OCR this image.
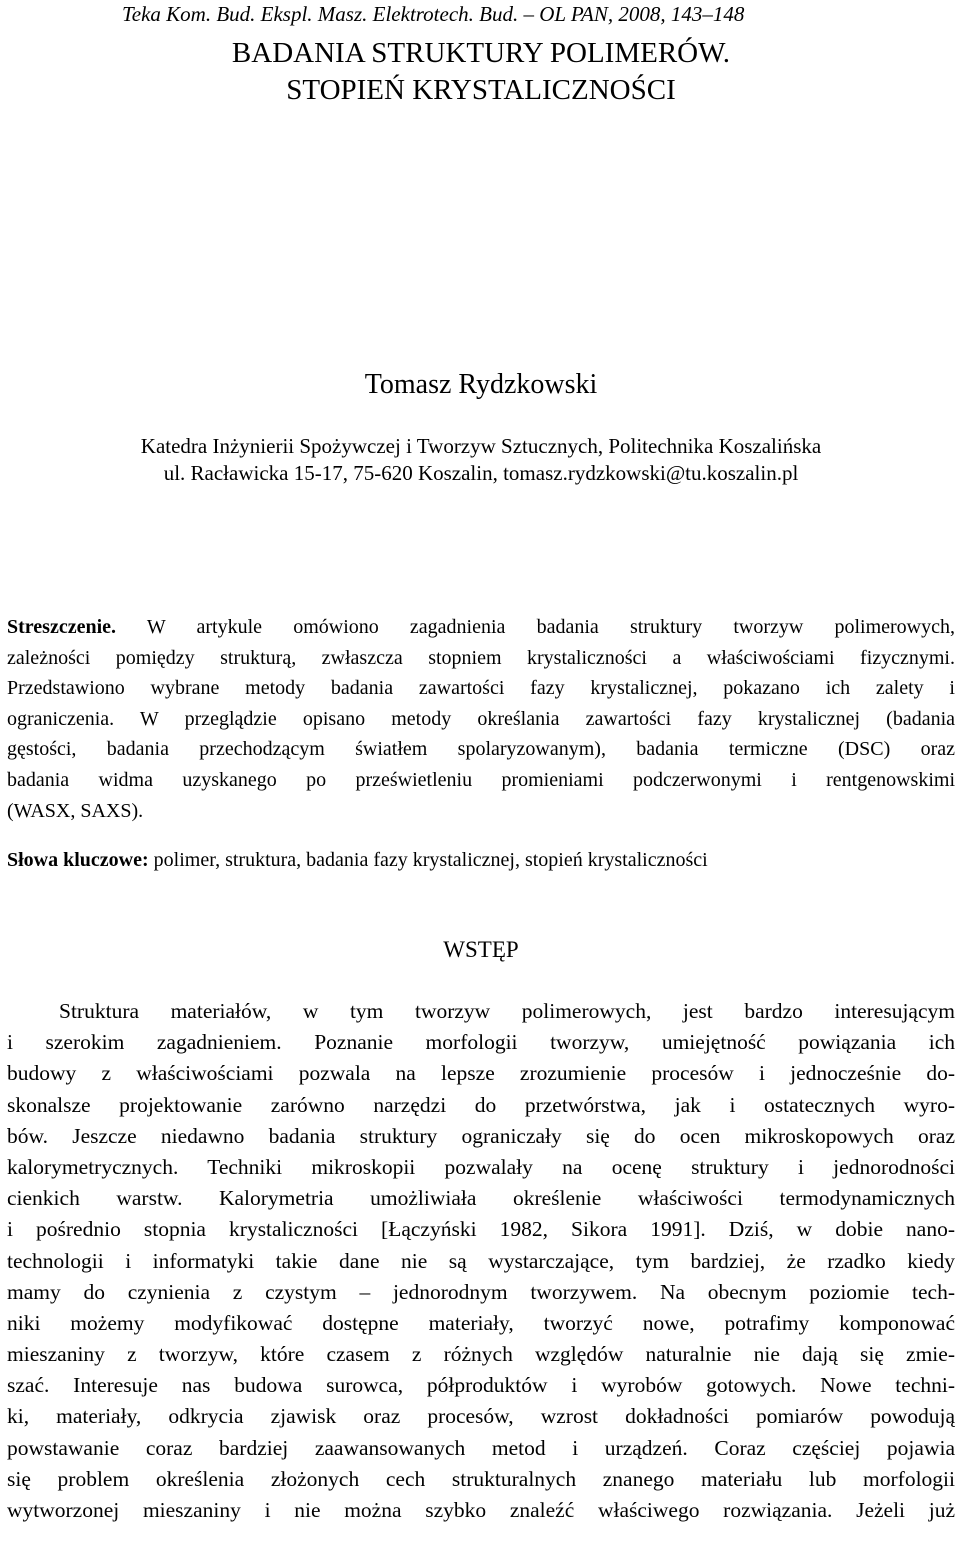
Teka Kom. Bud. Ekspl. Masz. Elektrotech. Bud. – OL PAN, 2008, 143–148
BADANIA STRUKTURY POLIMERÓW.
STOPIEŃ KRYSTALICZNOŚCI
Tomasz Rydzkowski
Katedra Inżynierii Spożywczej i Tworzyw Sztucznych, Politechnika Koszalińska
ul. Racławicka 15-17, 75-620 Koszalin, tomasz.rydzkowski@tu.koszalin.pl
Streszczenie. W artykule omówiono zagadnienia badania struktury tworzyw polimerowych,
zależności pomiędzy strukturą, zwłaszcza stopniem krystaliczności a właściwościami fizycznymi.
Przedstawiono wybrane metody badania zawartości fazy krystalicznej, pokazano ich zalety i
ograniczenia. W przeglądzie opisano metody określania zawartości fazy krystalicznej (badania
gęstości, badania przechodzącym światłem spolaryzowanym), badania termiczne (DSC) oraz
badania widma uzyskanego po prześwietleniu promieniami podczerwonymi i rentgenowskimi
(WASX, SAXS).
Słowa kluczowe: polimer, struktura, badania fazy krystalicznej, stopień krystaliczności
WSTĘP
Struktura materiałów, w tym tworzyw polimerowych, jest bardzo interesującym
i szerokim zagadnieniem. Poznanie morfologii tworzyw, umiejętność powiązania ich
budowy z właściwościami pozwala na lepsze zrozumienie procesów i jednocześnie do-
skonalsze projektowanie zarówno narzędzi do przetwórstwa, jak i ostatecznych wyro-
bów. Jeszcze niedawno badania struktury ograniczały się do ocen mikroskopowych oraz
kalorymetrycznych. Techniki mikroskopii pozwalały na ocenę struktury i jednorodności
cienkich warstw. Kalorymetria umożliwiała określenie właściwości termodynamicznych
i pośrednio stopnia krystaliczności [Łączyński 1982, Sikora 1991]. Dziś, w dobie nano-
technologii i informatyki takie dane nie są wystarczające, tym bardziej, że rzadko kiedy
mamy do czynienia z czystym – jednorodnym tworzywem. Na obecnym poziomie tech-
niki możemy modyfikować dostępne materiały, tworzyć nowe, potrafimy komponować
mieszaniny z tworzyw, które czasem z różnych względów naturalnie nie dają się zmie-
szać. Interesuje nas budowa surowca, półproduktów i wyrobów gotowych. Nowe techni-
ki, materiały, odkrycia zjawisk oraz procesów, wzrost dokładności pomiarów powodują
powstawanie coraz bardziej zaawansowanych metod i urządzeń. Coraz częściej pojawia
się problem określenia złożonych cech strukturalnych znanego materiału lub morfologii
wytworzonej mieszaniny i nie można szybko znaleźć właściwego rozwiązania. Jeżeli już
